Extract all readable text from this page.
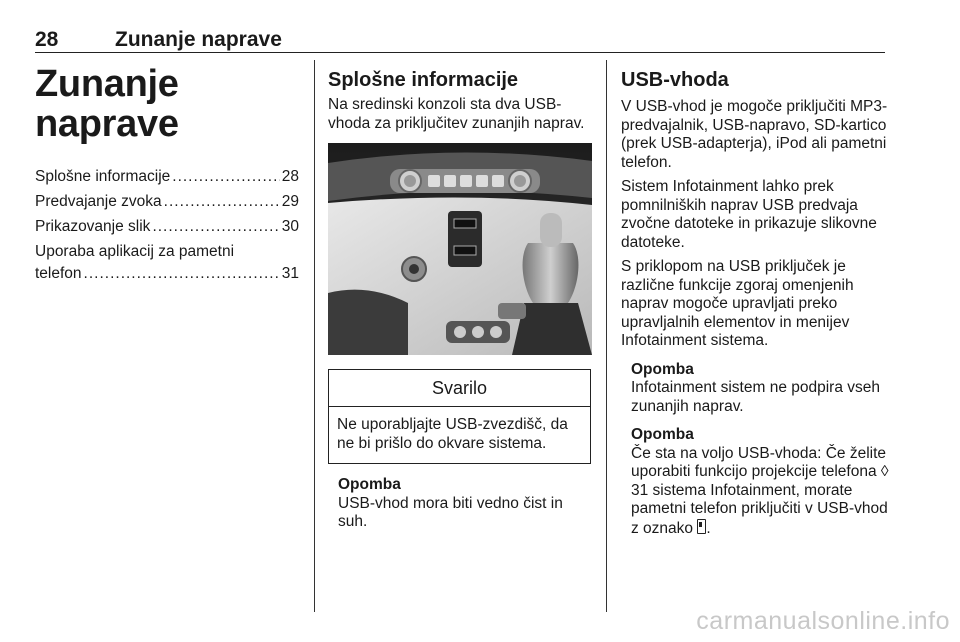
28	Zunanje naprave
Zunanje naprave
Splošne informacije .....	28
Predvajanje zvoka .....	29
Prikazovanje slik .....	30
Uporaba aplikacij za pametni
telefon .....	31
Splošne informacije

Na sredinski konzoli sta dva USB-vhoda za priključitev zunanjih naprav.

Svarilo
Ne uporabljajte USB-zvezdišč, da ne bi prišlo do okvare sistema.
Opomba

USB-vhod mora biti vedno čist in suh.

USB-vhoda

V USB-vhod je mogoče priključiti MP3-predvajalnik, USB-napravo, SD-kartico (prek USB-adapterja), iPod ali pametni telefon.

Sistem Infotainment lahko prek pomnilniških naprav USB predvaja zvočne datoteke in prikazuje slikovne datoteke.

S priklopom na USB priključek je različne funkcije zgoraj omenjenih naprav mogoče upravljati preko upravljalnih elementov in menijev Infotainment sistema.

Opomba

Infotainment sistem ne podpira vseh zunanjih naprav.

Opomba

Če sta na voljo USB-vhoda: Če želite uporabiti funkcijo projekcije telefona ◊ 31 sistema Infotainment, morate pametni telefon priključiti v USB-vhod z oznako .

carmanualsonline.info
